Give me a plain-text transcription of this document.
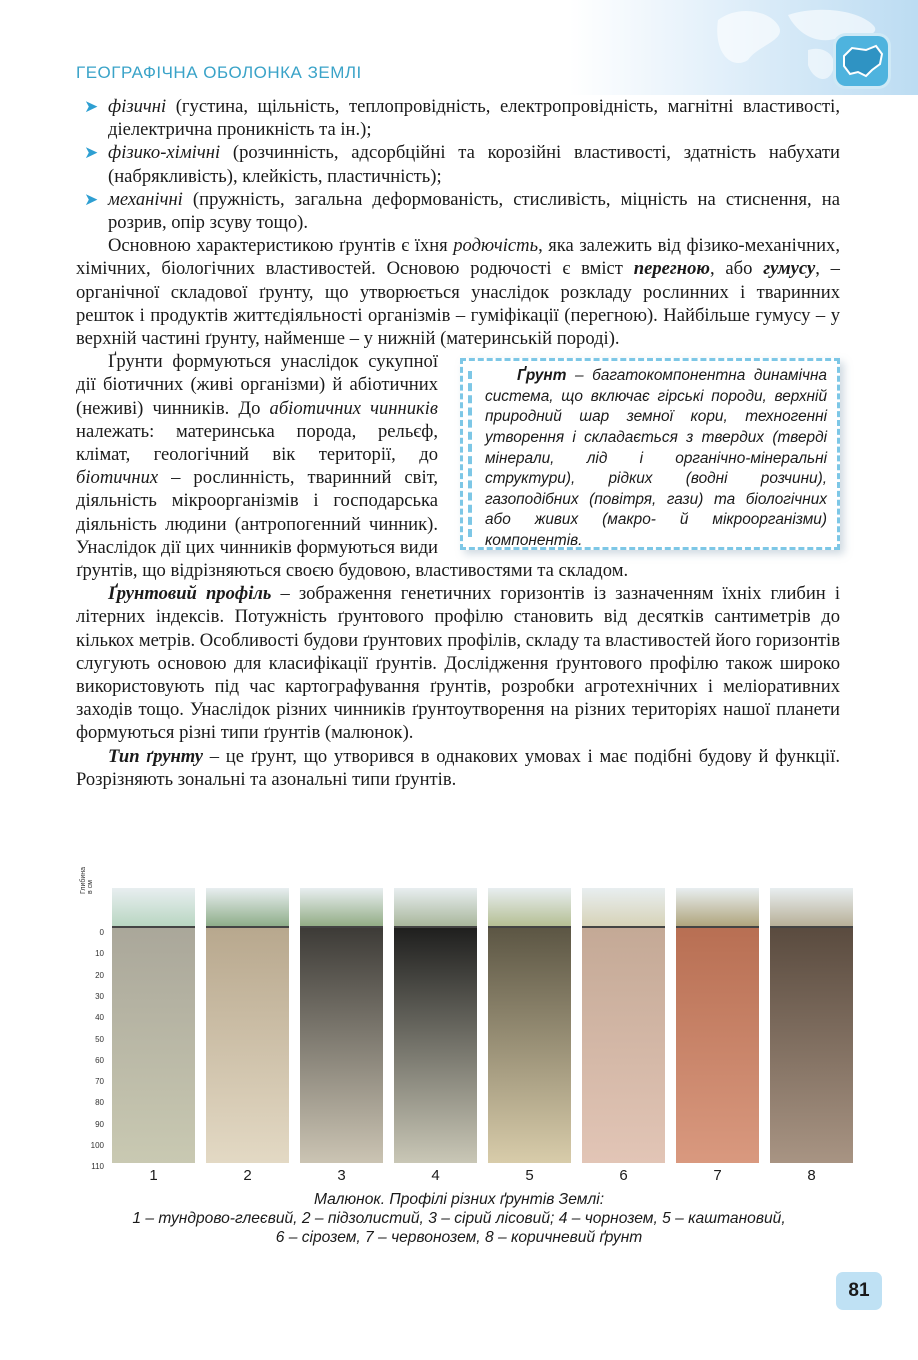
ГЕОГРАФІЧНА ОБОЛОНКА ЗЕМЛІ
➤ фізичні (густина, щільність, теплопровідність, електропровідність, магнітні властивості, діелектрична проникність та ін.);
➤ фізико-хімічні (розчинність, адсорбційні та корозійні властивості, здатність набухати (набрякливість), клейкість, пластичність);
➤ механічні (пружність, загальна деформованість, стисливість, міцність на стиснення, на розрив, опір зсуву тощо).

Основною характеристикою ґрунтів є їхня родючість, яка залежить від фізико-механічних, хімічних, біологічних властивостей. Основою родючості є вміст перегною, або гумусу, – органічної складової ґрунту, що утворюється унаслідок розкладу рослинних і тваринних решток і продуктів життєдіяльності організмів – гуміфікації (перегною). Найбільше гумусу – у верхній частині ґрунту, найменше – у нижній (материнській породі).

Ґрунт – багатокомпонентна динамічна система, що включає гірські породи, верхній природний шар земної кори, техногенні утворення і складається з твердих (тверді мінерали, лід і органічно-мінеральні структури), рідких (водні розчини), газоподібних (повітря, гази) та біологічних або живих (макро- й мікроорганізми) компонентів.
Ґрунти формуються унаслідок сукупної дії біотичних (живі організми) й абіотичних (неживі) чинників. До абіотичних чинників належать: материнська порода, рельєф, клімат, геологічний вік території, до біотичних – рослинність, тваринний світ, діяльність мікроорганізмів і господарська діяльність людини (антропогенний чинник). Унаслідок дії цих чинників формуються види ґрунтів, що відрізняються своєю будовою, властивостями та складом.

Ґрунтовий профіль – зображення генетичних горизонтів із зазначенням їхніх глибин і літерних індексів. Потужність ґрунтового профілю становить від десятків сантиметрів до кількох метрів. Особливості будови ґрунтових профілів, складу та властивостей його горизонтів слугують основою для класифікації ґрунтів. Дослідження ґрунтового профілю також широко використовують під час картографування ґрунтів, розробки агротехнічних і меліоративних заходів тощо. Унаслідок різних чинників ґрунтоутворення на різних територіях нашої планети формуються різні типи ґрунтів (малюнок).

Тип ґрунту – це ґрунт, що утворився в однакових умовах і має подібні будову й функції. Розрізняють зональні та азональні типи ґрунтів.

Глибина в см
0
10
20
30
40
50
60
70
80
90
100
110
1	2	3	4	5	6	7	8
Малюнок. Профілі різних ґрунтів Землі:
1 – тундрово-глеєвий, 2 – підзолистий, 3 – сірий лісовий; 4 – чорнозем, 5 – каштановий,
6 – сірозем, 7 – червонозем, 8 – коричневий ґрунт
81
